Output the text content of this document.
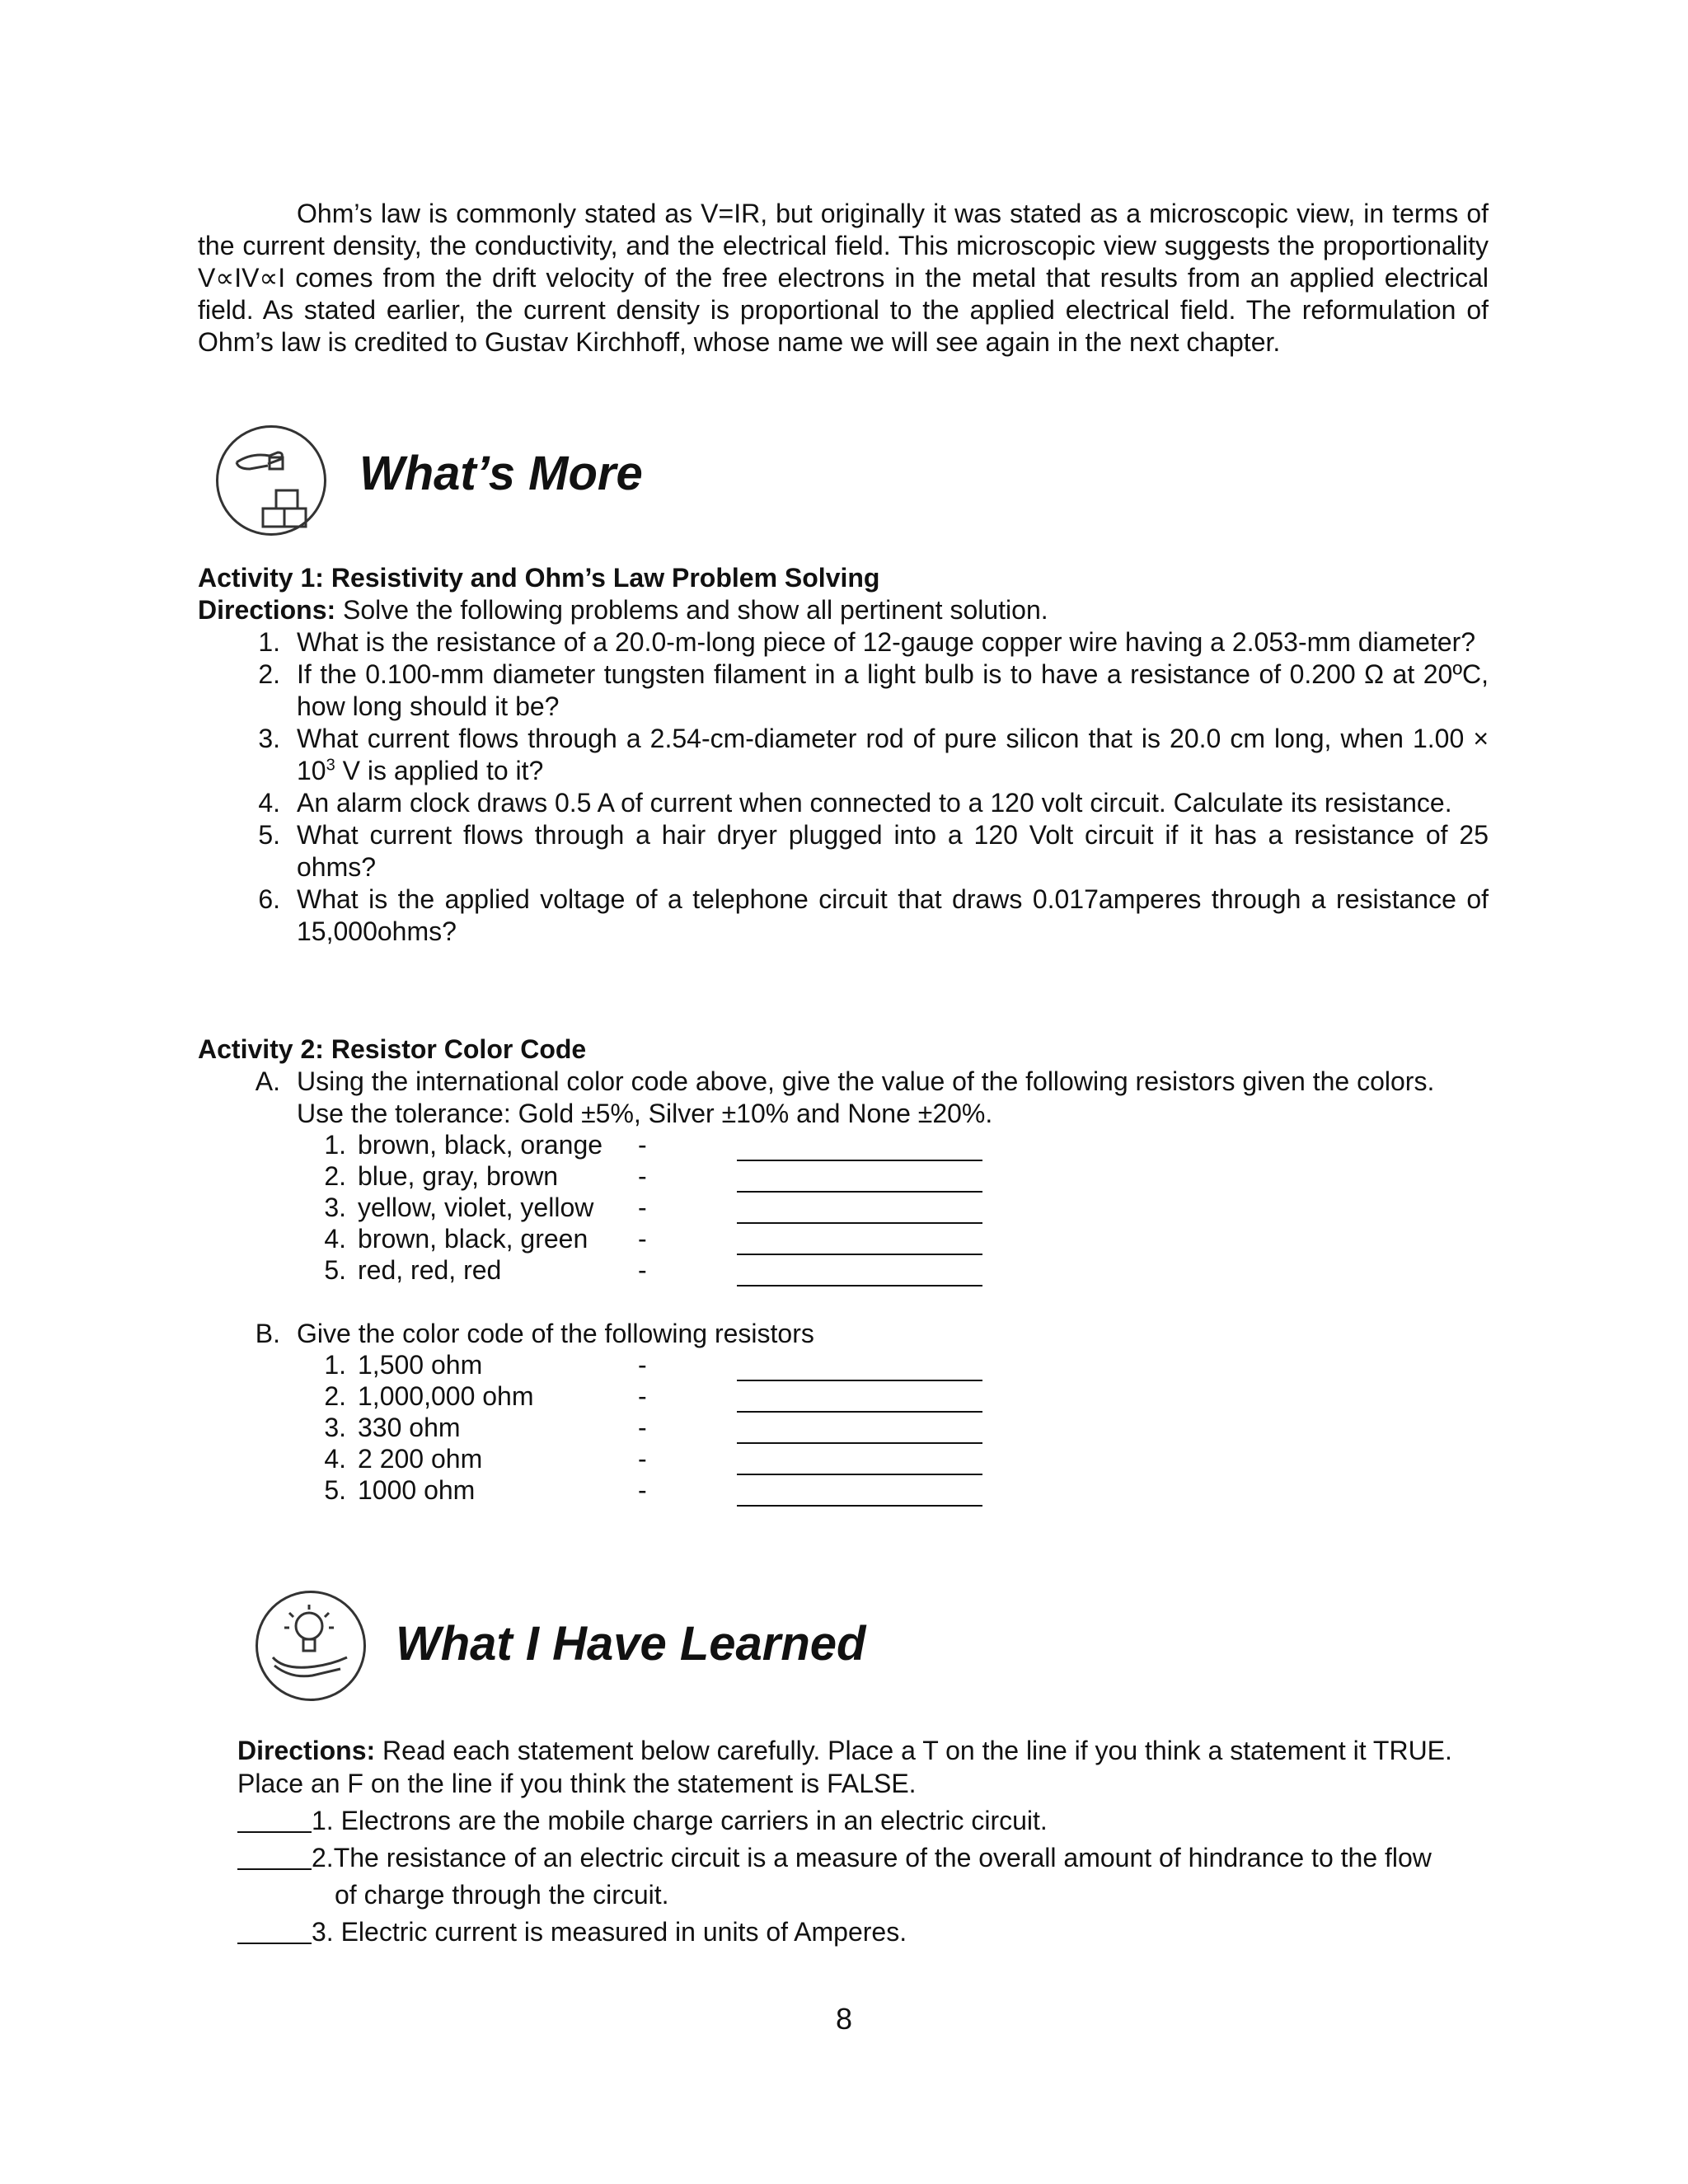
Ohm’s law is commonly stated as V=IR, but originally it was stated as a microscopic view, in terms of the current density, the conductivity, and the electrical field. This microscopic view suggests the proportionality V∝IV∝I comes from the drift velocity of the free electrons in the metal that results from an applied electrical field. As stated earlier, the current density is proportional to the applied electrical field. The reformulation of Ohm’s law is credited to Gustav Kirchhoff, whose name we will see again in the next chapter.

What’s More
Activity 1: Resistivity and Ohm’s Law Problem Solving
Directions: Solve the following problems and show all pertinent solution.
1. What is the resistance of a 20.0-m-long piece of 12-gauge copper wire having a 2.053-mm diameter?
2. If the 0.100-mm diameter tungsten filament in a light bulb is to have a resistance of 0.200 Ω at 20ºC, how long should it be?
3. What current flows through a 2.54-cm-diameter rod of pure silicon that is 20.0 cm long, when $1.00 \times 10^3$ V is applied to it?
4. An alarm clock draws 0.5 A of current when connected to a 120 volt circuit. Calculate its resistance.
5. What current flows through a hair dryer plugged into a 120 Volt circuit if it has a resistance of 25 ohms?
6. What is the applied voltage of a telephone circuit that draws 0.017amperes through a resistance of 15,000ohms?
Activity 2: Resistor Color Code
A. Using the international color code above, give the value of the following resistors given the colors. Use the tolerance: Gold ±5%, Silver ±10% and None ±20%.
1. brown, black, orange	-
2. blue, gray, brown	-
3. yellow, violet, yellow	-
4. brown, black, green	-
5. red, red, red	-
B. Give the color code of the following resistors
1. 1,500 ohm	-
2. 1,000,000 ohm	-
3. 330 ohm	-
4. 2 200 ohm	-
5. 1000 ohm	-
What I Have Learned
Directions: Read each statement below carefully. Place a T on the line if you think a statement it TRUE. Place an F on the line if you think the statement is FALSE.
1. Electrons are the mobile charge carriers in an electric circuit.
2.The resistance of an electric circuit is a measure of the overall amount of hindrance to the flow
of charge through the circuit.
3. Electric current is measured in units of Amperes.
8
